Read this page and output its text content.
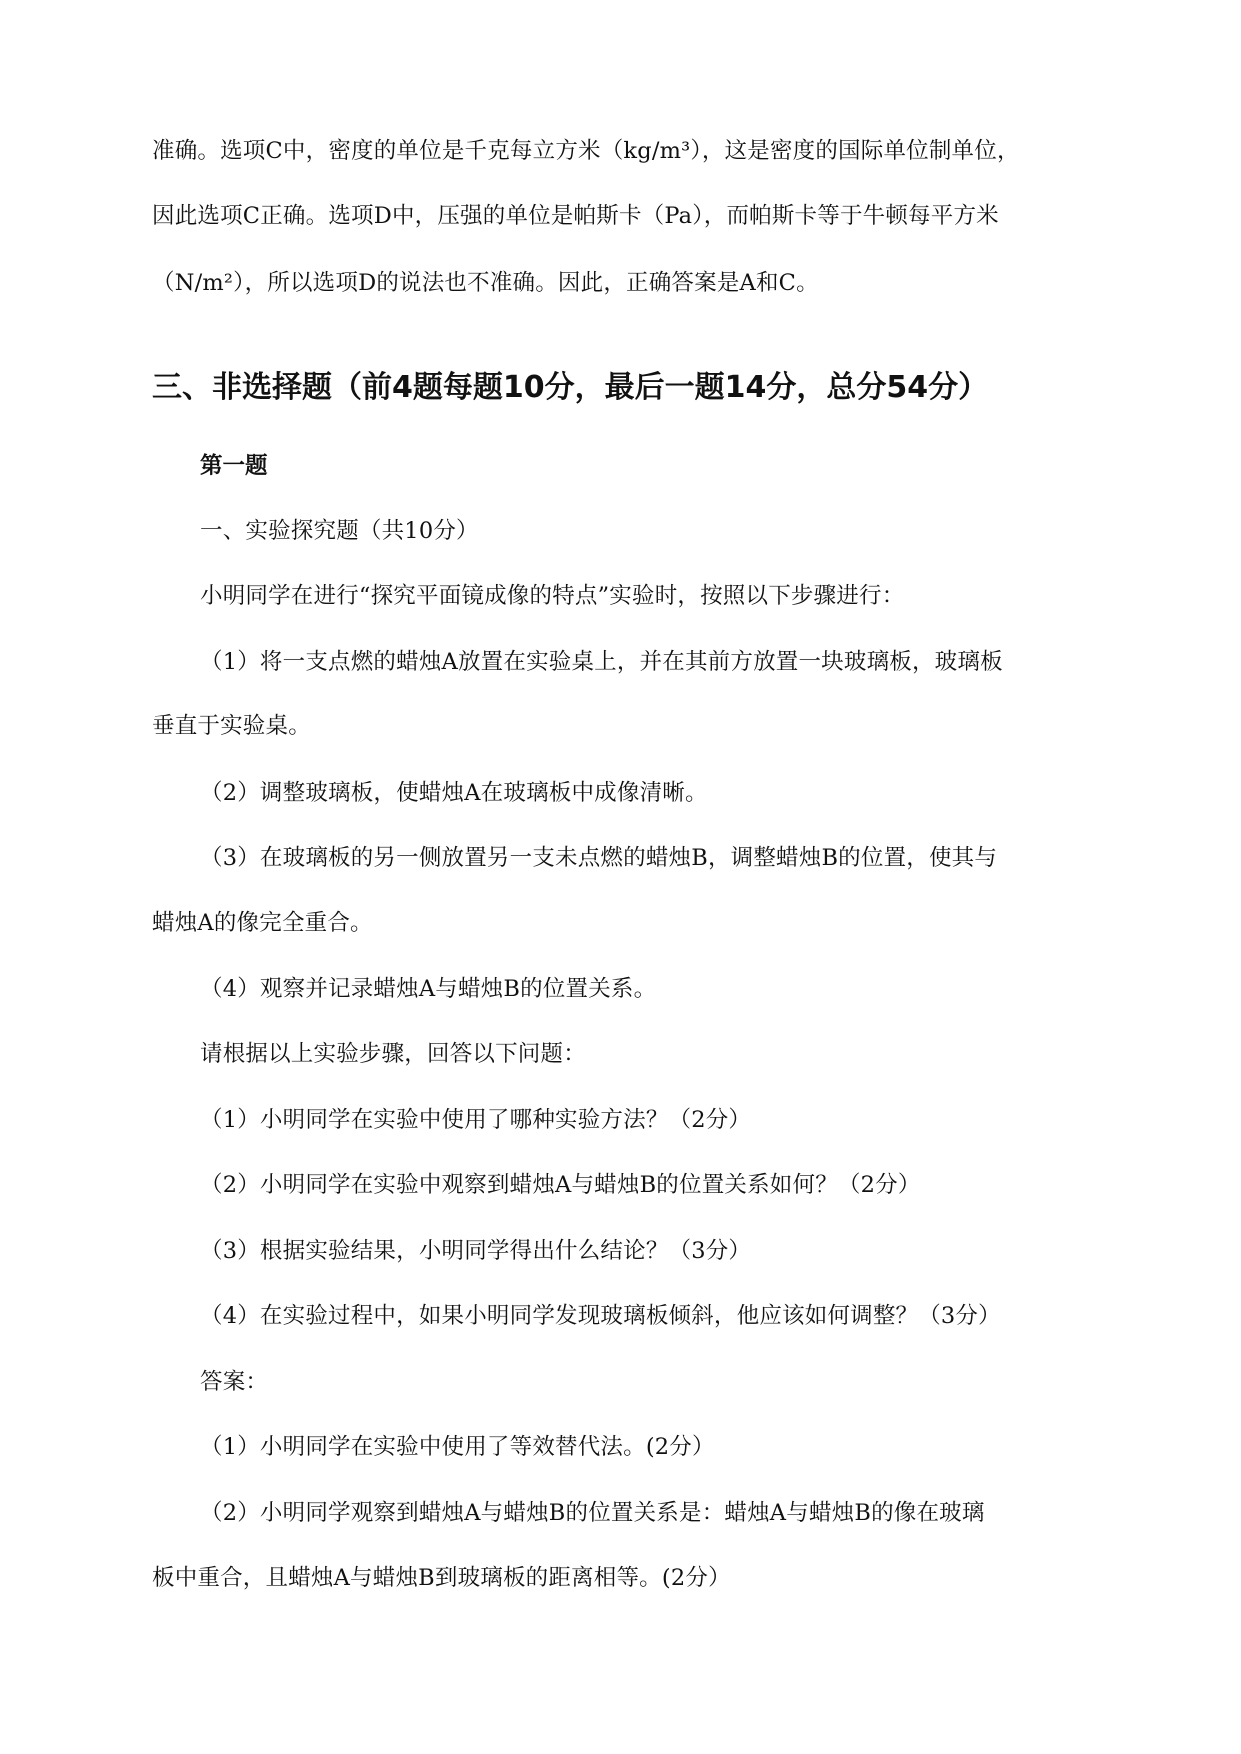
准确。选项C中，密度的单位是千克每立方米（kg/m³），这是密度的国际单位制单位，
因此选项C正确。选项D中，压强的单位是帕斯卡（Pa），而帕斯卡等于牛顿每平方米
（N/m²），所以选项D的说法也不准确。因此，正确答案是A和C。
三、非选择题（前4题每题10分，最后一题14分，总分54分）
第一题
一、实验探究题（共10分）
小明同学在进行“探究平面镜成像的特点”实验时，按照以下步骤进行：
（1）将一支点燃的蜡烛A放置在实验桌上，并在其前方放置一块玻璃板，玻璃板
垂直于实验桌。
（2）调整玻璃板，使蜡烛A在玻璃板中成像清晰。
（3）在玻璃板的另一侧放置另一支未点燃的蜡烛B，调整蜡烛B的位置，使其与
蜡烛A的像完全重合。
（4）观察并记录蜡烛A与蜡烛B的位置关系。
请根据以上实验步骤，回答以下问题：
（1）小明同学在实验中使用了哪种实验方法？（2分）
（2）小明同学在实验中观察到蜡烛A与蜡烛B的位置关系如何？（2分）
（3）根据实验结果，小明同学得出什么结论？（3分）
（4）在实验过程中，如果小明同学发现玻璃板倾斜，他应该如何调整？（3分）
答案：
（1）小明同学在实验中使用了等效替代法。(2分）
（2）小明同学观察到蜡烛A与蜡烛B的位置关系是：蜡烛A与蜡烛B的像在玻璃
板中重合，且蜡烛A与蜡烛B到玻璃板的距离相等。(2分）
